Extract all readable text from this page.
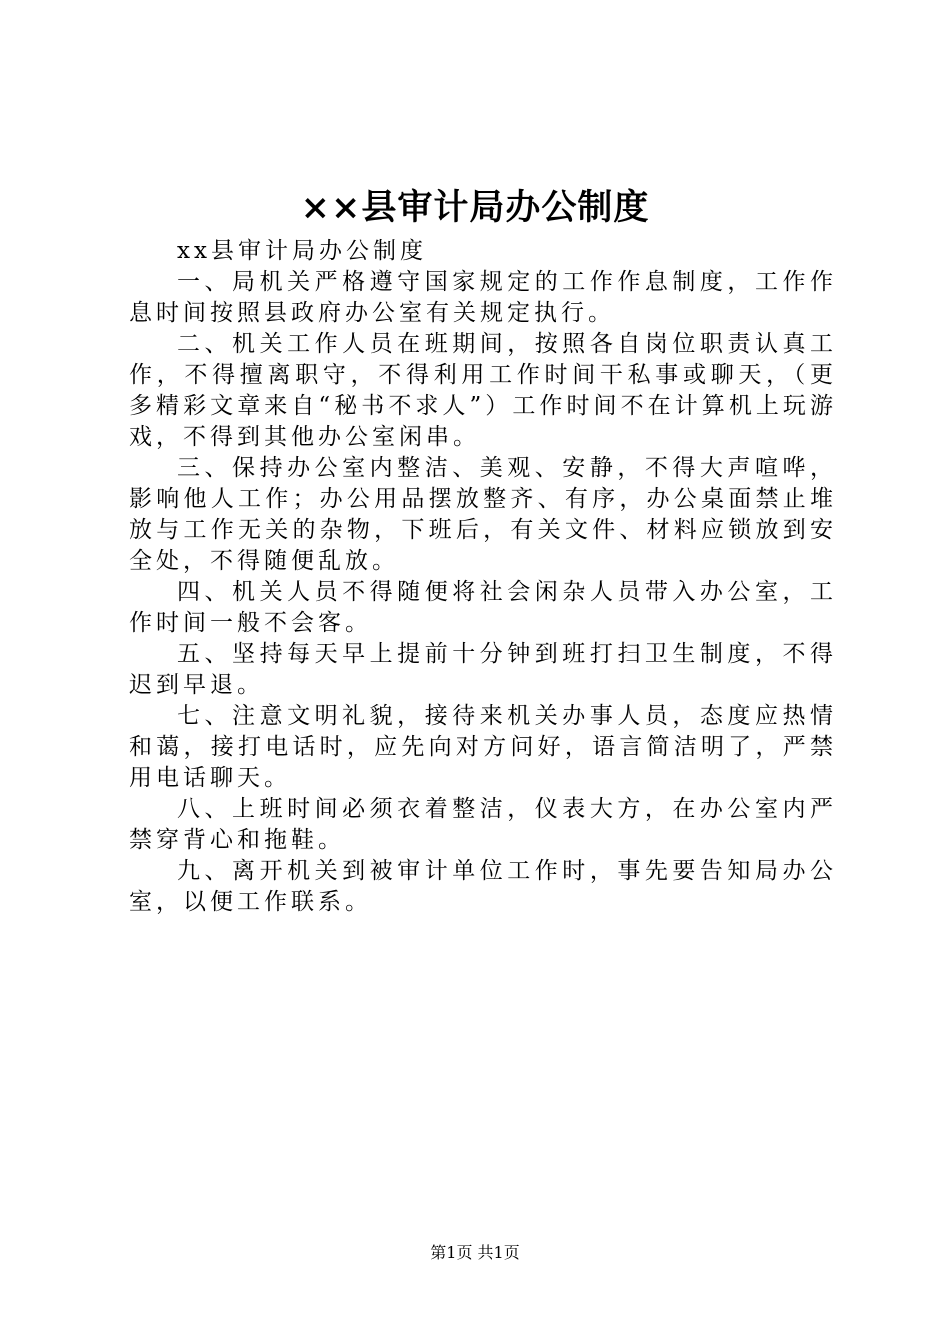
××县审计局办公制度

xx县审计局办公制度

一、局机关严格遵守国家规定的工作作息制度，工作作息时间按照县政府办公室有关规定执行。

二、机关工作人员在班期间，按照各自岗位职责认真工作，不得擅离职守，不得利用工作时间干私事或聊天，（更多精彩文章来自“秘书不求人”）工作时间不在计算机上玩游戏，不得到其他办公室闲串。

三、保持办公室内整洁、美观、安静，不得大声喧哗，影响他人工作；办公用品摆放整齐、有序，办公桌面禁止堆放与工作无关的杂物，下班后，有关文件、材料应锁放到安全处，不得随便乱放。

四、机关人员不得随便将社会闲杂人员带入办公室，工作时间一般不会客。

五、坚持每天早上提前十分钟到班打扫卫生制度，不得迟到早退。

七、注意文明礼貌，接待来机关办事人员，态度应热情和蔼，接打电话时，应先向对方问好，语言简洁明了，严禁用电话聊天。

八、上班时间必须衣着整洁，仪表大方，在办公室内严禁穿背心和拖鞋。

九、离开机关到被审计单位工作时，事先要告知局办公室，以便工作联系。

第1页 共1页
